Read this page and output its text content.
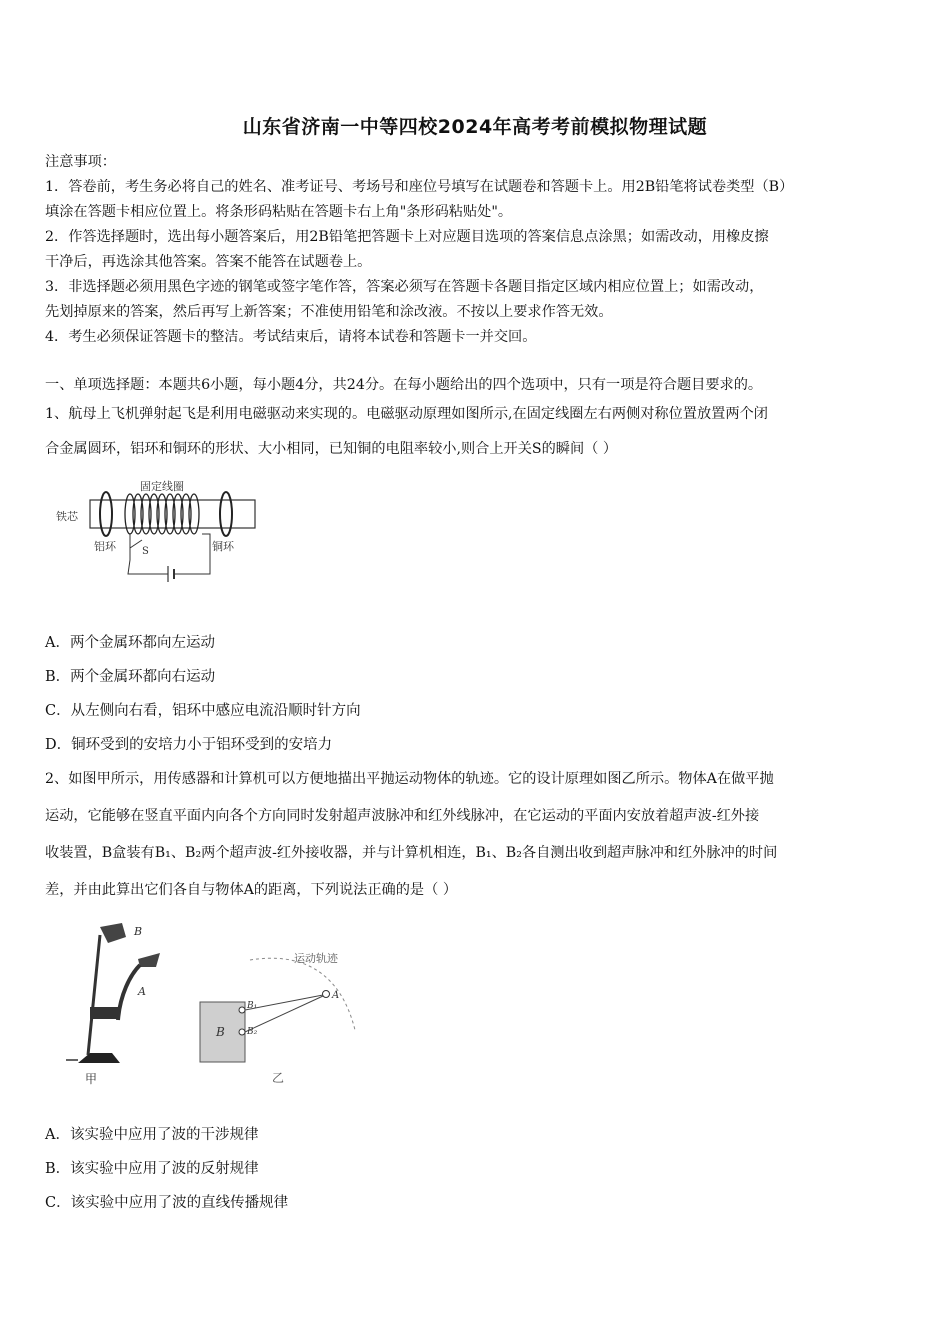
山东省济南一中等四校2024年高考考前模拟物理试题
注意事项：
1．答卷前，考生务必将自己的姓名、准考证号、考场号和座位号填写在试题卷和答题卡上。用2B铅笔将试卷类型（B）
填涂在答题卡相应位置上。将条形码粘贴在答题卡右上角"条形码粘贴处"。
2．作答选择题时，选出每小题答案后，用2B铅笔把答题卡上对应题目选项的答案信息点涂黑；如需改动，用橡皮擦
干净后，再选涂其他答案。答案不能答在试题卷上。
3．非选择题必须用黑色字迹的钢笔或签字笔作答，答案必须写在答题卡各题目指定区域内相应位置上；如需改动，
先划掉原来的答案，然后再写上新答案；不准使用铅笔和涂改液。不按以上要求作答无效。
4．考生必须保证答题卡的整洁。考试结束后，请将本试卷和答题卡一并交回。
一、单项选择题：本题共6小题，每小题4分，共24分。在每小题给出的四个选项中，只有一项是符合题目要求的。
1、航母上飞机弹射起飞是利用电磁驱动来实现的。电磁驱动原理如图所示,在固定线圈左右两侧对称位置放置两个闭
合金属圆环，铝环和铜环的形状、大小相同，已知铜的电阻率较小,则合上开关S的瞬间（ ）
固定线圈
铁芯
铝环	铜环
S
A．两个金属环都向左运动
B．两个金属环都向右运动
C．从左侧向右看，铝环中感应电流沿顺时针方向
D．铜环受到的安培力小于铝环受到的安培力
2、如图甲所示，用传感器和计算机可以方便地描出平抛运动物体的轨迹。它的设计原理如图乙所示。物体A在做平抛
运动，它能够在竖直平面内向各个方向同时发射超声波脉冲和红外线脉冲，在它运动的平面内安放着超声波-红外接
收装置，B盒装有B₁、B₂两个超声波-红外接收器，并与计算机相连，B₁、B₂各自测出收到超声脉冲和红外脉冲的时间
差，并由此算出它们各自与物体A的距离，下列说法正确的是（ ）
B
A
甲
运动轨迹
A
B
B₁
B₂
乙
A．该实验中应用了波的干涉规律
B．该实验中应用了波的反射规律
C．该实验中应用了波的直线传播规律
